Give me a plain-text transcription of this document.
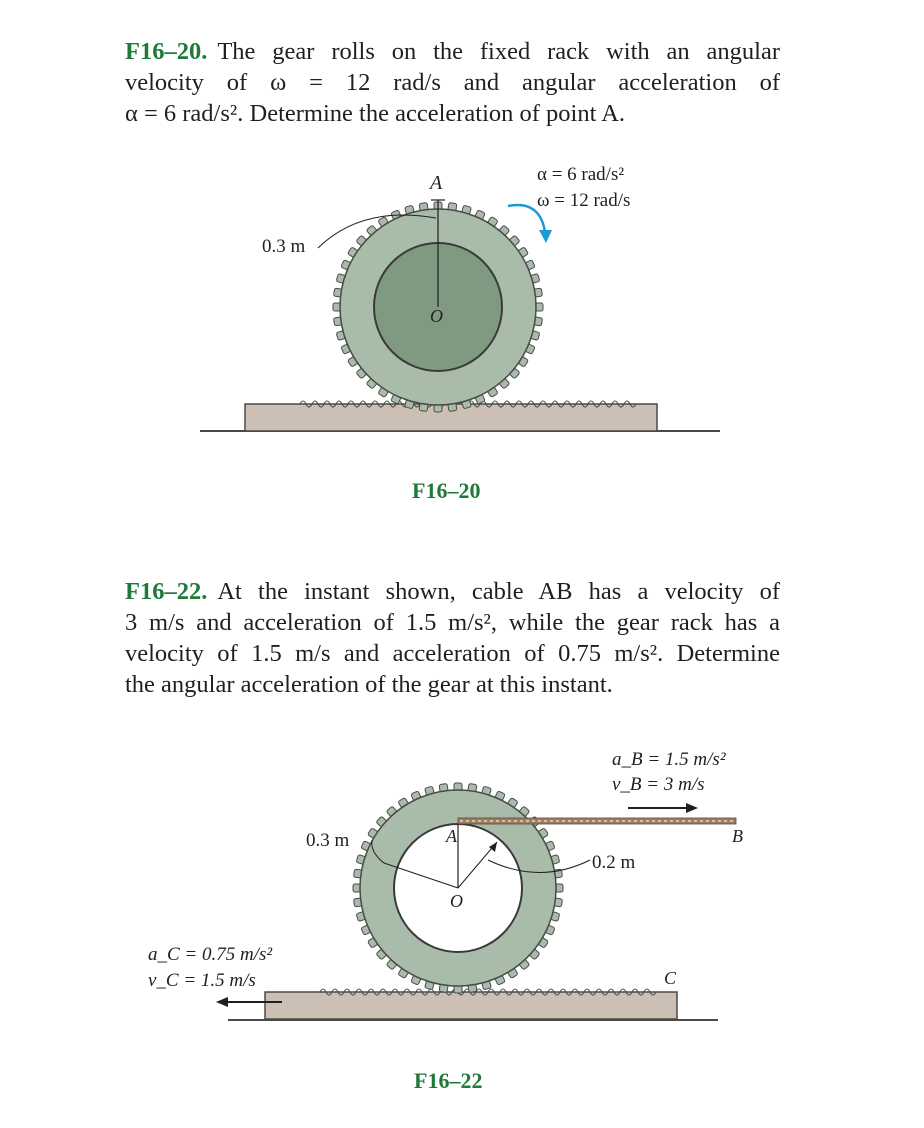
F16–20. The gear rolls on the fixed rack with an angular
velocity of ω = 12 rad/s and angular acceleration of
α = 6 rad/s². Determine the acceleration of point A.

A
O
0.3 m
α = 6 rad/s²
ω = 12 rad/s
F16–20

F16–22. At the instant shown, cable AB has a velocity of
3 m/s and acceleration of 1.5 m/s², while the gear rack has a
velocity of 1.5 m/s and acceleration of 0.75 m/s². Determine
the angular acceleration of the gear at this instant.

A
O
B
C
0.3 m
0.2 m
a_B = 1.5 m/s²
v_B = 3 m/s
a_C = 0.75 m/s²
v_C = 1.5 m/s
F16–22
